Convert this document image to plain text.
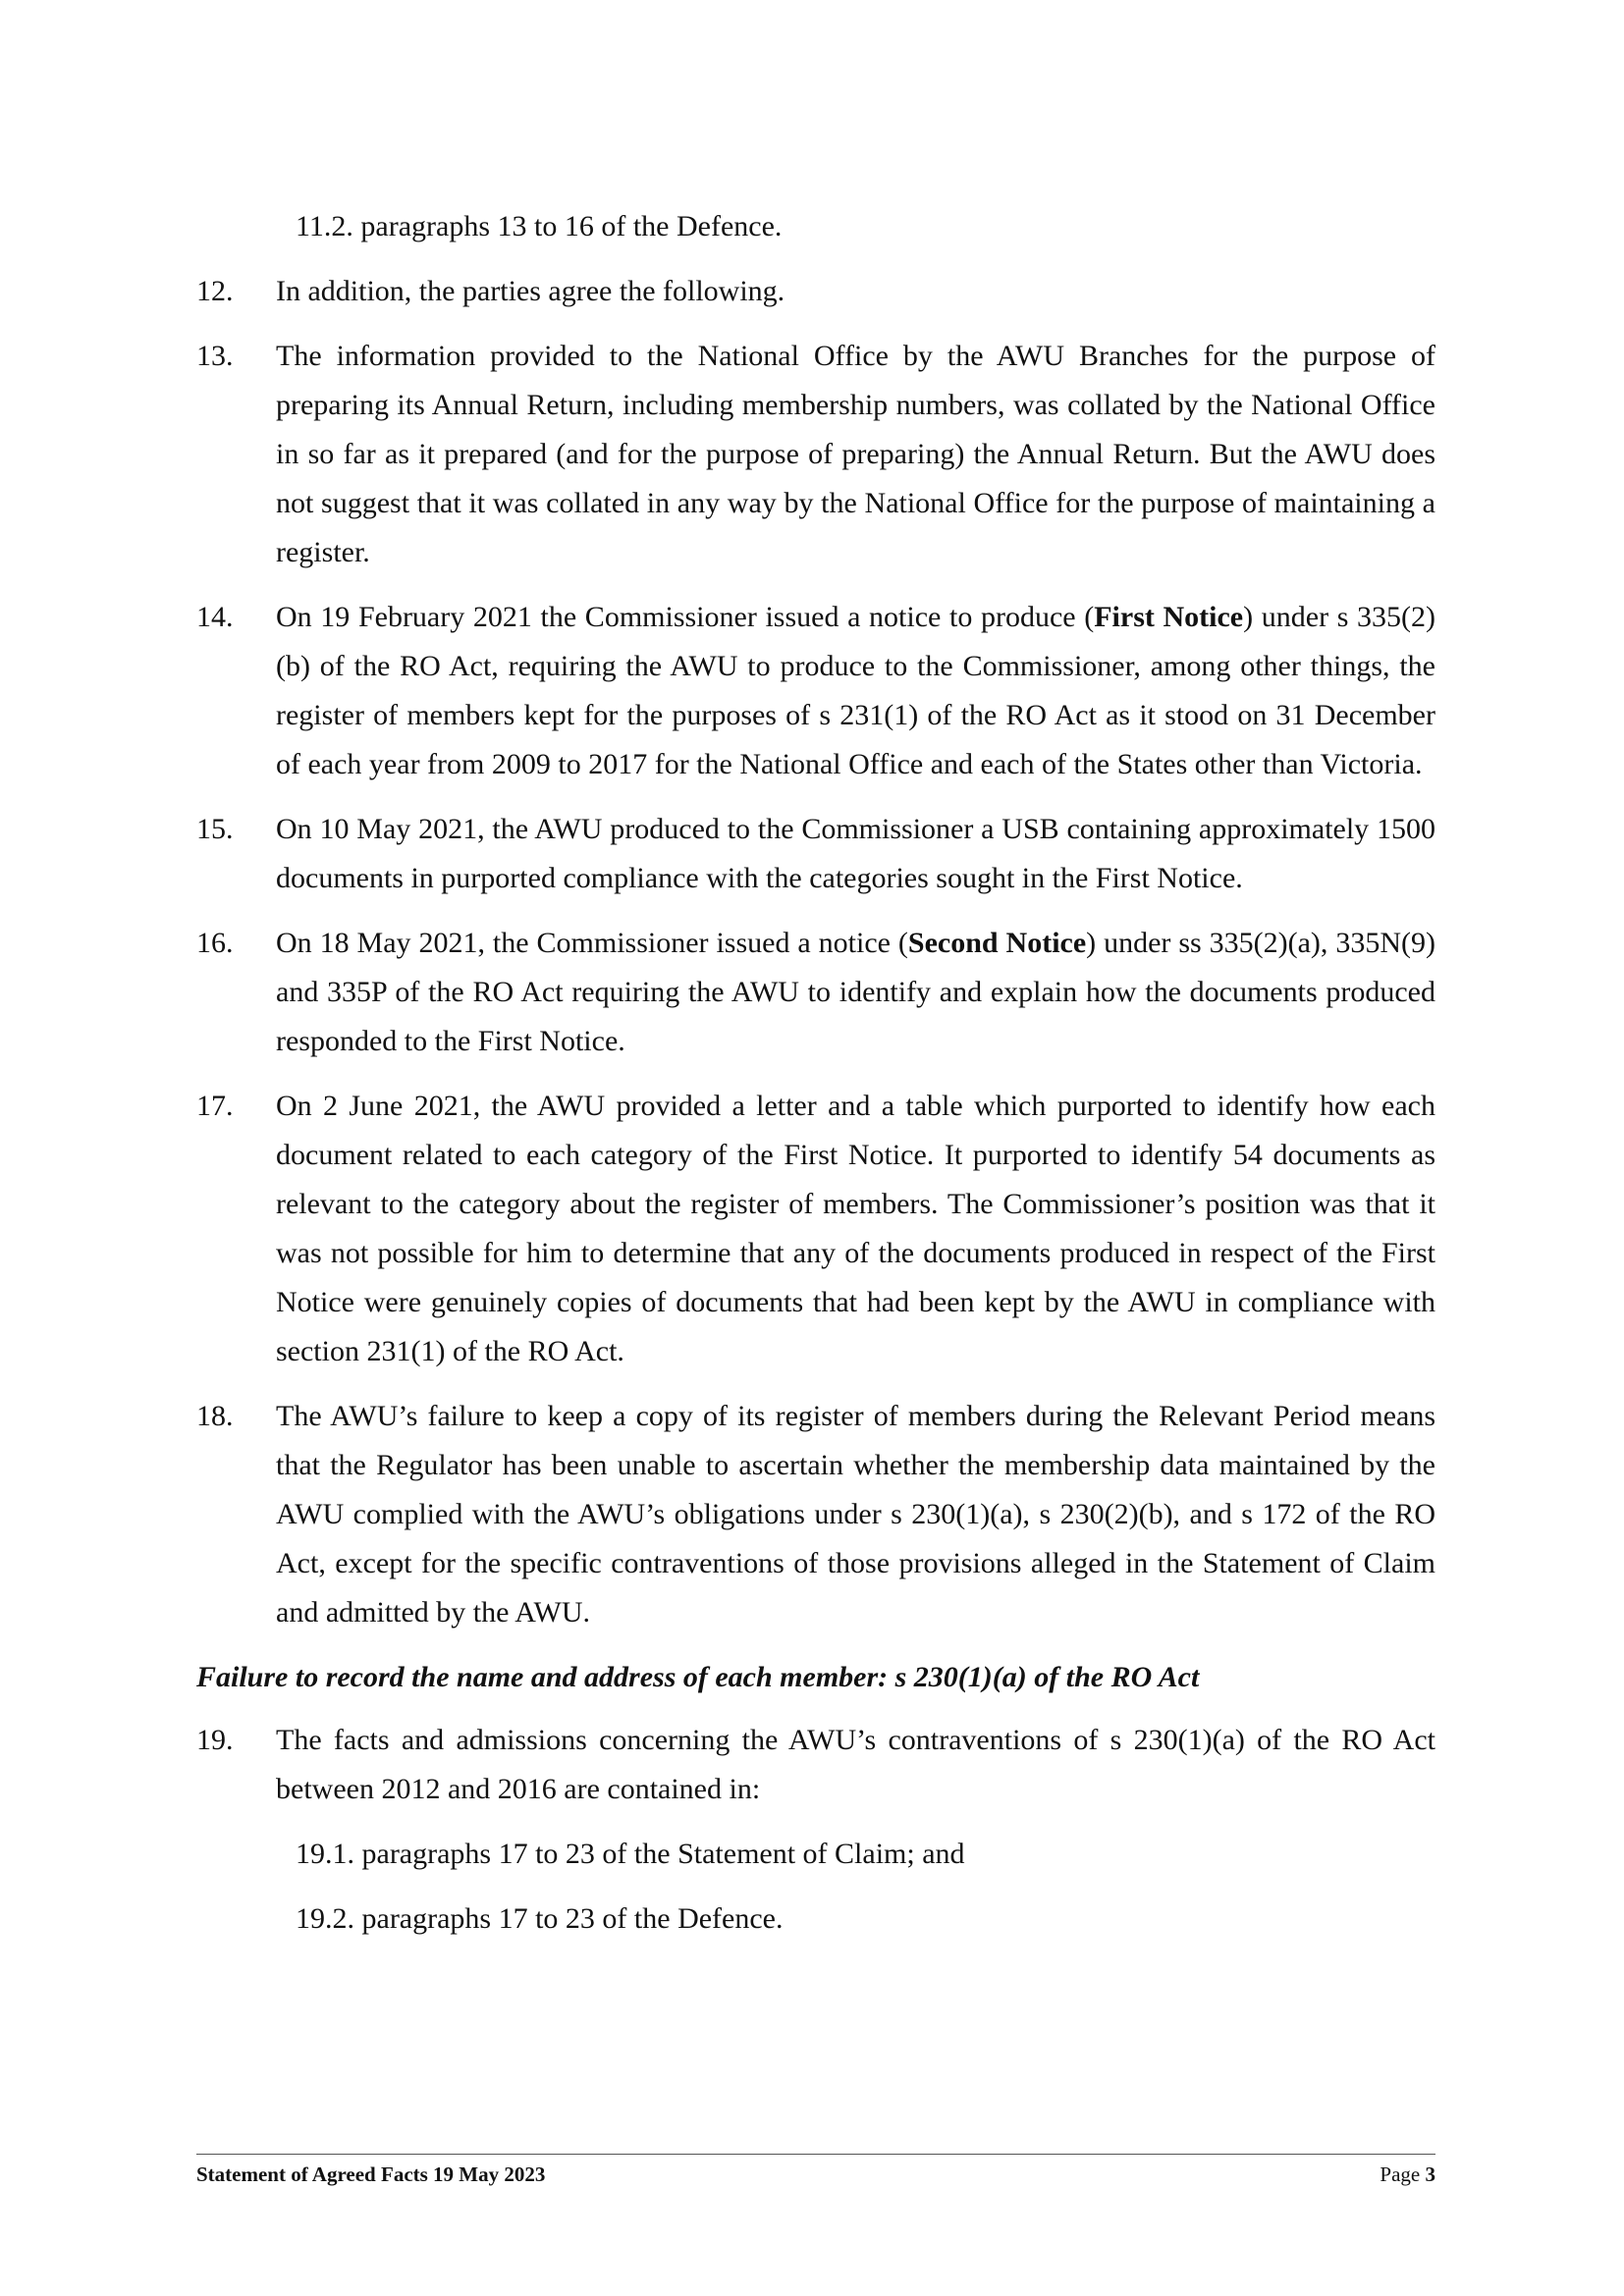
11.2. paragraphs 13 to 16 of the Defence.
12. In addition, the parties agree the following.
13. The information provided to the National Office by the AWU Branches for the purpose of preparing its Annual Return, including membership numbers, was collated by the National Office in so far as it prepared (and for the purpose of preparing) the Annual Return. But the AWU does not suggest that it was collated in any way by the National Office for the purpose of maintaining a register.
14. On 19 February 2021 the Commissioner issued a notice to produce (First Notice) under s 335(2)(b) of the RO Act, requiring the AWU to produce to the Commissioner, among other things, the register of members kept for the purposes of s 231(1) of the RO Act as it stood on 31 December of each year from 2009 to 2017 for the National Office and each of the States other than Victoria.
15. On 10 May 2021, the AWU produced to the Commissioner a USB containing approximately 1500 documents in purported compliance with the categories sought in the First Notice.
16. On 18 May 2021, the Commissioner issued a notice (Second Notice) under ss 335(2)(a), 335N(9) and 335P of the RO Act requiring the AWU to identify and explain how the documents produced responded to the First Notice.
17. On 2 June 2021, the AWU provided a letter and a table which purported to identify how each document related to each category of the First Notice. It purported to identify 54 documents as relevant to the category about the register of members. The Commissioner’s position was that it was not possible for him to determine that any of the documents produced in respect of the First Notice were genuinely copies of documents that had been kept by the AWU in compliance with section 231(1) of the RO Act.
18. The AWU’s failure to keep a copy of its register of members during the Relevant Period means that the Regulator has been unable to ascertain whether the membership data maintained by the AWU complied with the AWU’s obligations under s 230(1)(a), s 230(2)(b), and s 172 of the RO Act, except for the specific contraventions of those provisions alleged in the Statement of Claim and admitted by the AWU.
Failure to record the name and address of each member: s 230(1)(a) of the RO Act
19. The facts and admissions concerning the AWU’s contraventions of s 230(1)(a) of the RO Act between 2012 and 2016 are contained in:
19.1. paragraphs 17 to 23 of the Statement of Claim; and
19.2. paragraphs 17 to 23 of the Defence.
Statement of Agreed Facts 19 May 2023	Page 3
